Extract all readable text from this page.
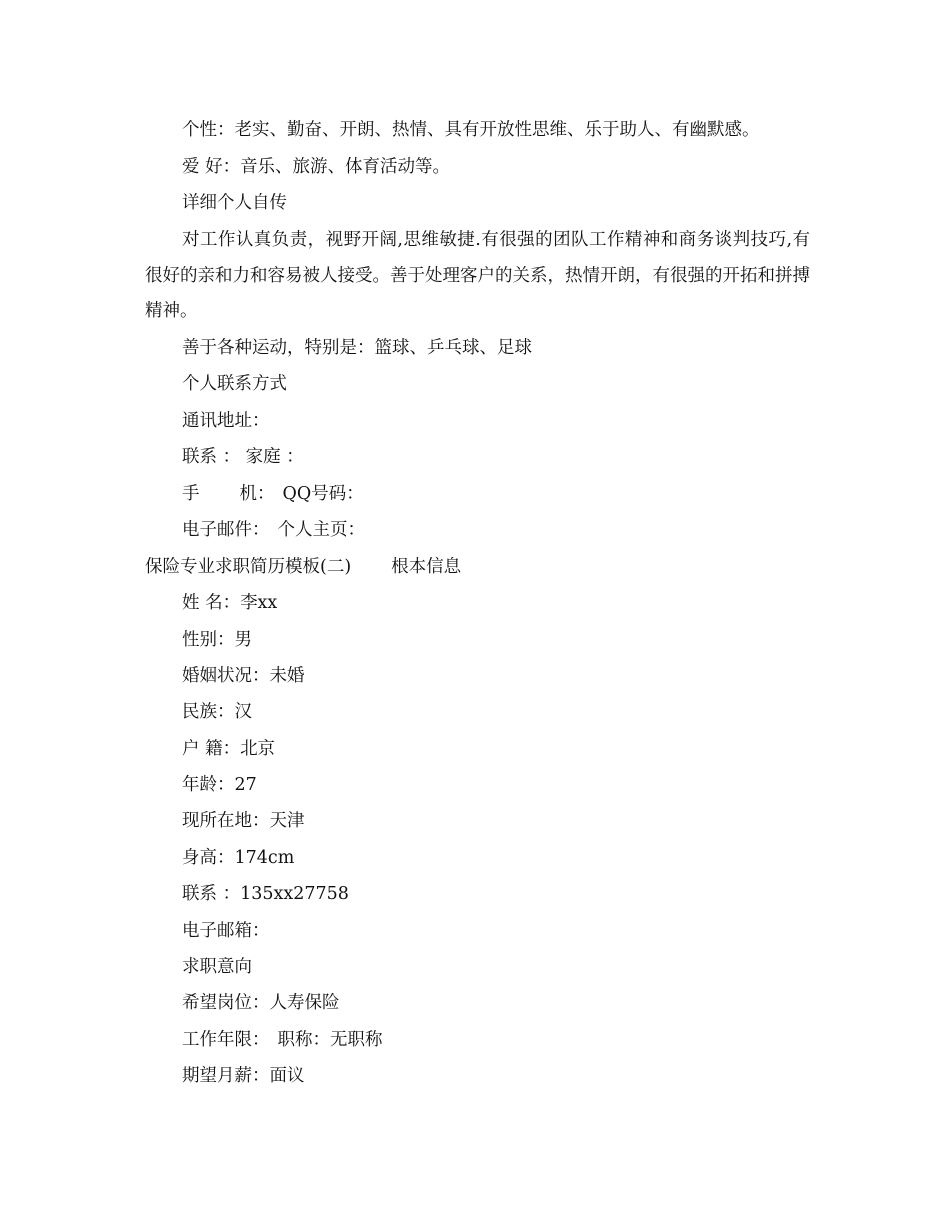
个性：老实、勤奋、开朗、热情、具有开放性思维、乐于助人、有幽默感。
爱 好：音乐、旅游、体育活动等。
详细个人自传
对工作认真负责，视野开阔,思维敏捷.有很强的团队工作精神和商务谈判技巧,有很好的亲和力和容易被人接受。善于处理客户的关系，热情开朗，有很强的开拓和拼搏精神。
善于各种运动，特别是：篮球、乒乓球、足球
个人联系方式
通讯地址：
联系 ： 家庭 ：
手 机： QQ号码：
电子邮件： 个人主页：
保险专业求职简历模板(二) 根本信息
姓 名：李xx
性别：男
婚姻状况：未婚
民族：汉
户 籍：北京
年龄：27
现所在地：天津
身高：174cm
联系 ：135xx27758
电子邮箱：
求职意向
希望岗位：人寿保险
工作年限： 职称：无职称
期望月薪：面议
